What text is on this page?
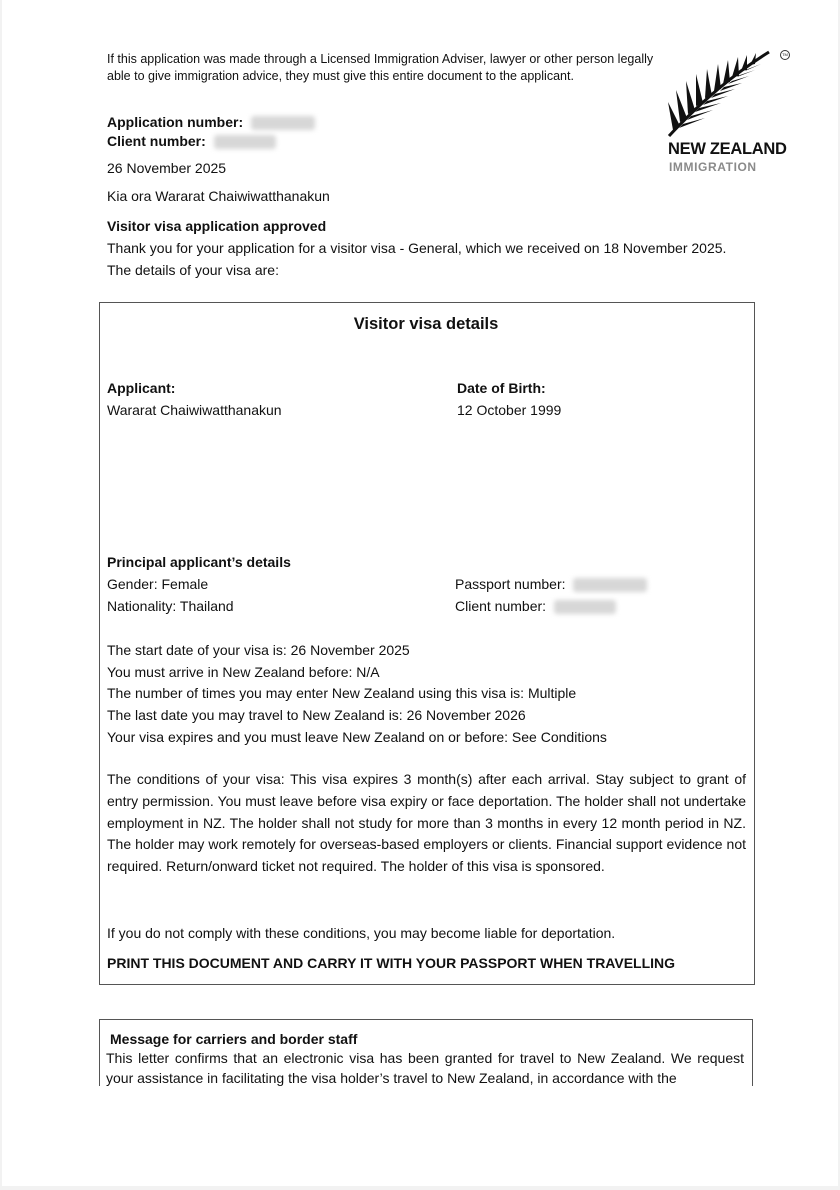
If this application was made through a Licensed Immigration Adviser, lawyer or other person legally able to give immigration advice, they must give this entire document to the applicant.
TM
NEW ZEALAND
IMMIGRATION
Application number:
Client number:
26 November 2025
Kia ora Wararat Chaiwiwatthanakun
Visitor visa application approved
Thank you for your application for a visitor visa - General, which we received on 18 November 2025.
The details of your visa are:
Visitor visa details
Applicant:
Wararat Chaiwiwatthanakun
Date of Birth:
12 October 1999
Principal applicant’s details
Gender: Female
Nationality: Thailand
Passport number:
Client number:
The start date of your visa is: 26 November 2025
You must arrive in New Zealand before: N/A
The number of times you may enter New Zealand using this visa is: Multiple
The last date you may travel to New Zealand is: 26 November 2026
Your visa expires and you must leave New Zealand on or before: See Conditions
The conditions of your visa: This visa expires 3 month(s) after each arrival. Stay subject to grant of entry permission. You must leave before visa expiry or face deportation. The holder shall not undertake employment in NZ. The holder shall not study for more than 3 months in every 12 month period in NZ. The holder may work remotely for overseas-based employers or clients. Financial support evidence not required. Return/onward ticket not required. The holder of this visa is sponsored.
If you do not comply with these conditions, you may become liable for deportation.
PRINT THIS DOCUMENT AND CARRY IT WITH YOUR PASSPORT WHEN TRAVELLING
Message for carriers and border staff
This letter confirms that an electronic visa has been granted for travel to New Zealand. We request your assistance in facilitating the visa holder’s travel to New Zealand, in accordance with the
